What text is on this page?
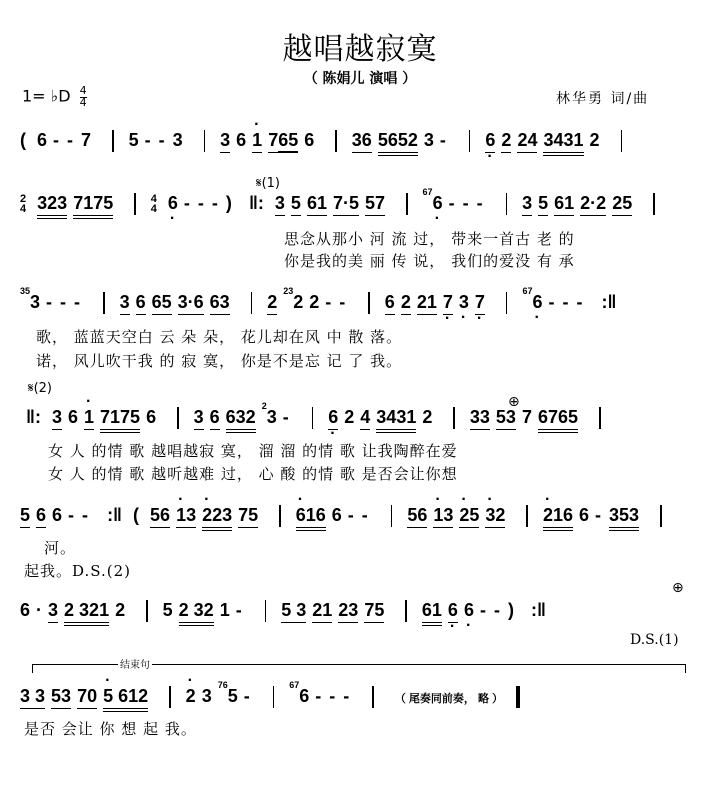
越唱越寂寞
（ 陈娟儿 演唱 ）
1= ♭D $\frac{4}{4}$	林华勇 词/曲
( 6 - - 7 5 - - 3 3 6 · 1 765 6 36 5652 3 - 6 · 2 24 3431 2
𝄋(1)
2
4 323 7175	4
4 6 · - - - ) ‖: 3 5 61 7·5 57  $^{67}$6 · - - - 3 5 61 2·2 25
思念从那小 河 流 过， 带来一首古 老 的
你是我的美 丽 传 说， 我们的爱没 有 承
$^{35}$3 - - - 3 6 65 3·6 63 $2^{23}2$ 2 - - 6 2 21 7 · 3 · 7 ·  $^{67}$6 · - - - :‖
歌， 蓝蓝天空白 云 朵 朵， 花儿却在风 中 散 落。
诺， 风儿吹干我 的 寂 寞， 你是不是忘 记 了 我。
𝄋(2)
⊕
‖: 3 6 · 1 7175 6 3 6 $632^23 - 6 \cdot 2$ 4 3431 2 33 53 7 6765
女 人 的情 歌 越唱越寂 寞， 溜 溜 的情 歌 让我陶醉在爱
女 人 的情 歌 越听越难 过， 心 酸 的情 歌 是否会让你想
5 6 6 - - :‖ ( 56 · 13 · 223 75 · 616 6 - - 56 · 13 · 25 · 32 · 216 6 - 353
河。
起我。D.S.(2)
6 · 3 2 321 2 5 2 32 1 - 5 3 21 23 75 61 6 · 6 · - - ) :‖
⊕
D.S.(1)
结束句
3 3 53 70 · 5 612 · 2 $3^{76}5 - ^{67}6$ - - -	（ 尾奏同前奏， 略 ）
是否 会让 你 想 起 我。
